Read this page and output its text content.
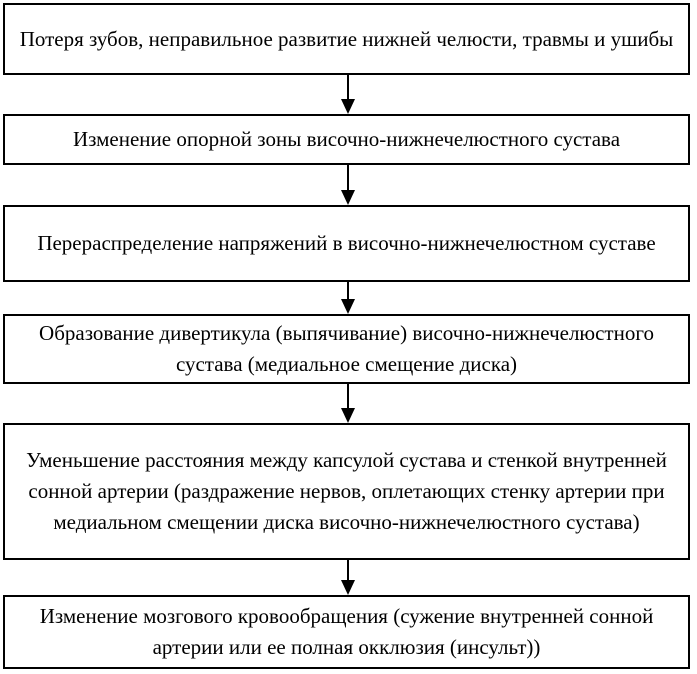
Потеря зубов, неправильное развитие нижней челюсти, травмы и ушибы
Изменение опорной зоны височно-нижнечелюстного сустава
Перераспределение напряжений в височно-нижнечелюстном суставе
Образование дивертикула (выпячивание) височно-нижнечелюстного сустава (медиальное смещение диска)
Уменьшение расстояния между капсулой сустава и стенкой внутренней сонной артерии (раздражение нервов, оплетающих стенку артерии при медиальном смещении диска височно-нижнечелюстного сустава)
Изменение мозгового кровообращения (сужение внутренней сонной артерии или ее полная окклюзия (инсульт))
